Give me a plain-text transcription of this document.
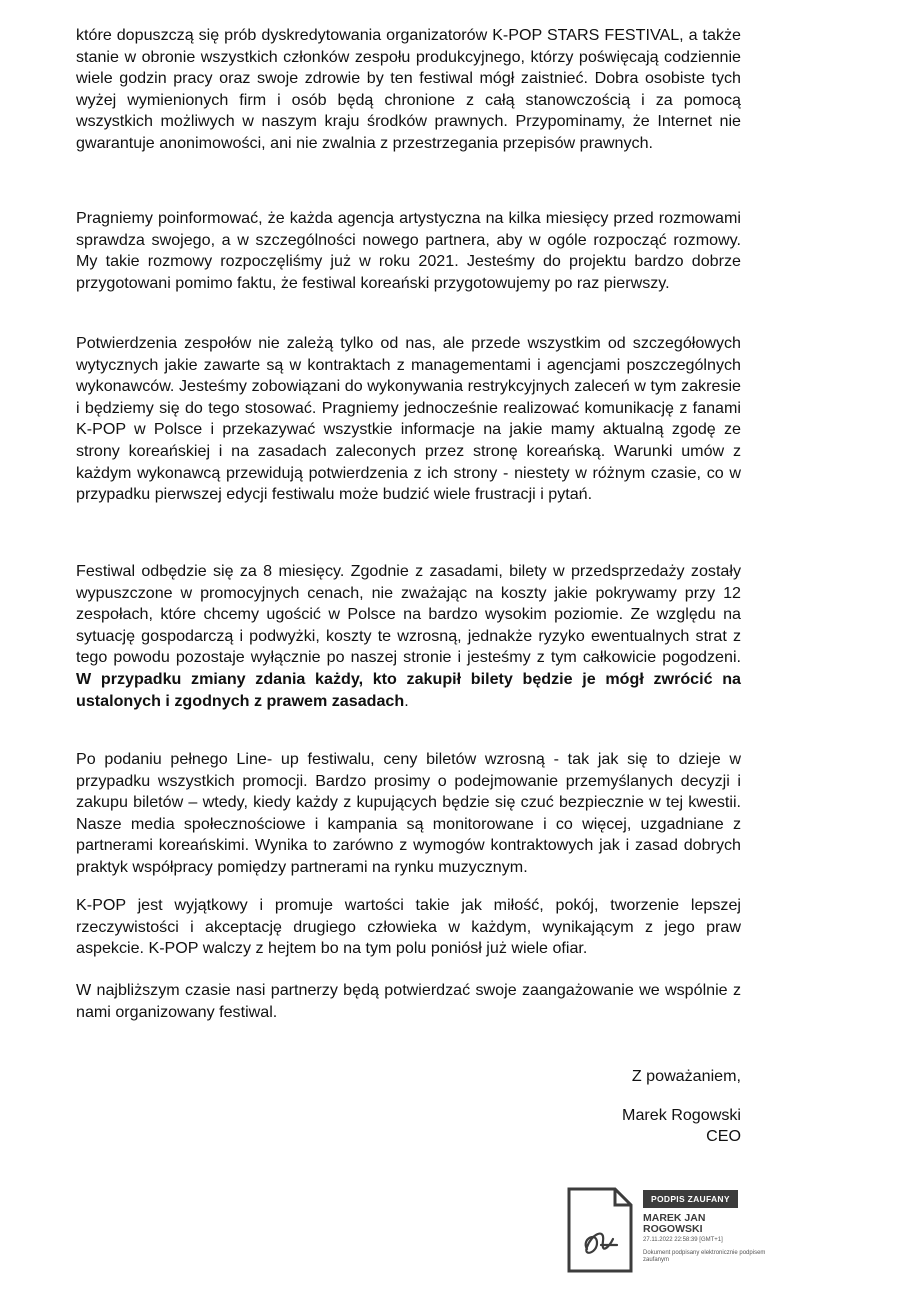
które dopuszczą się prób dyskredytowania organizatorów K-POP STARS FESTIVAL, a także stanie w obronie wszystkich członków zespołu produkcyjnego, którzy poświęcają codziennie wiele godzin pracy oraz swoje zdrowie by ten festiwal mógł zaistnieć. Dobra osobiste tych wyżej wymienionych firm i osób będą chronione z całą stanowczością i za pomocą wszystkich możliwych w naszym kraju środków prawnych. Przypominamy, że Internet nie gwarantuje anonimowości, ani nie zwalnia z przestrzegania przepisów prawnych.

Pragniemy poinformować, że każda agencja artystyczna na kilka miesięcy przed rozmowami sprawdza swojego, a w szczególności nowego partnera, aby w ogóle rozpocząć rozmowy. My takie rozmowy rozpoczęliśmy już w roku 2021. Jesteśmy do projektu bardzo dobrze przygotowani pomimo faktu, że festiwal koreański przygotowujemy po raz pierwszy.

Potwierdzenia zespołów nie zależą tylko od nas, ale przede wszystkim od szczegółowych wytycznych jakie zawarte są w kontraktach z managementami i agencjami poszczególnych wykonawców. Jesteśmy zobowiązani do wykonywania restrykcyjnych zaleceń w tym zakresie i będziemy się do tego stosować. Pragniemy jednocześnie realizować komunikację z fanami K-POP w Polsce i przekazywać wszystkie informacje na jakie mamy aktualną zgodę ze strony koreańskiej i na zasadach zaleconych przez stronę koreańską. Warunki umów z każdym wykonawcą przewidują potwierdzenia z ich strony - niestety w różnym czasie, co w przypadku pierwszej edycji festiwalu może budzić wiele frustracji i pytań.

Festiwal odbędzie się za 8 miesięcy. Zgodnie z zasadami, bilety w przedsprzedaży zostały wypuszczone w promocyjnych cenach, nie zważając na koszty jakie pokrywamy przy 12 zespołach, które chcemy ugościć w Polsce na bardzo wysokim poziomie. Ze względu na sytuację gospodarczą i podwyżki, koszty te wzrosną, jednakże ryzyko ewentualnych strat z tego powodu pozostaje wyłącznie po naszej stronie i jesteśmy z tym całkowicie pogodzeni. W przypadku zmiany zdania każdy, kto zakupił bilety będzie je mógł zwrócić na ustalonych i zgodnych z prawem zasadach.

Po podaniu pełnego Line- up festiwalu, ceny biletów wzrosną - tak jak się to dzieje w przypadku wszystkich promocji. Bardzo prosimy o podejmowanie przemyślanych decyzji i zakupu biletów – wtedy, kiedy każdy z kupujących będzie się czuć bezpiecznie w tej kwestii. Nasze media społecznościowe i kampania są monitorowane i co więcej, uzgadniane z partnerami koreańskimi. Wynika to zarówno z wymogów kontraktowych jak i zasad dobrych praktyk współpracy pomiędzy partnerami na rynku muzycznym.

K-POP jest wyjątkowy i promuje wartości takie jak miłość, pokój, tworzenie lepszej rzeczywistości i akceptację drugiego człowieka w każdym, wynikającym z jego praw aspekcie. K-POP walczy z hejtem bo na tym polu poniósł już wiele ofiar.

W najbliższym czasie nasi partnerzy będą potwierdzać swoje zaangażowanie we wspólnie z nami organizowany festiwal.

Z poważaniem,
Marek Rogowski
CEO
PODPIS ZAUFANY
MAREK JAN
ROGOWSKI
27.11.2022 22:58:39 [GMT+1]
Dokument podpisany elektronicznie podpisem zaufanym
